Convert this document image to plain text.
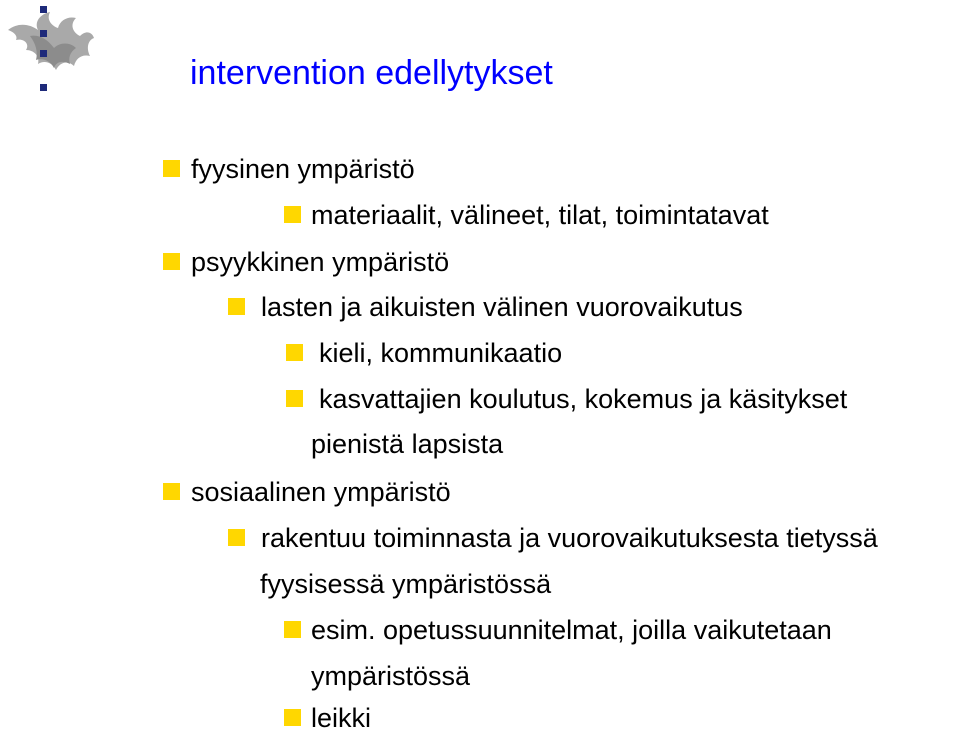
intervention edellytykset
fyysinen ympäristö
materiaalit, välineet, tilat, toimintatavat
psyykkinen ympäristö
lasten ja aikuisten välinen vuorovaikutus
kieli, kommunikaatio
kasvattajien koulutus, kokemus ja käsitykset
pienistä lapsista
sosiaalinen ympäristö
rakentuu toiminnasta ja vuorovaikutuksesta tietyssä
fyysisessä ympäristössä
esim. opetussuunnitelmat, joilla vaikutetaan
ympäristössä
leikki
